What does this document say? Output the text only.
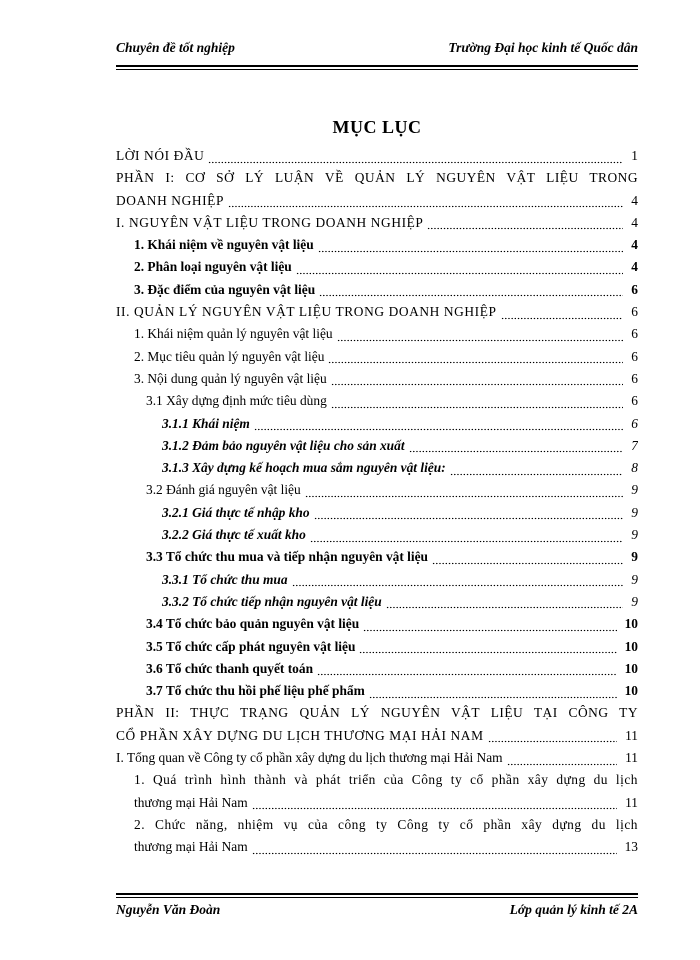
Chuyên đề tốt nghiệp	Trường Đại học kinh tế Quốc dân
MỤC LỤC
LỜI NÓI ĐẦU	1
PHẦN I: CƠ SỞ LÝ LUẬN VỀ QUẢN LÝ NGUYÊN VẬT LIỆU TRONG
DOANH NGHIỆP	4
I. NGUYÊN VẬT LIỆU TRONG DOANH NGHIỆP	4
1. Khái niệm về nguyên vật liệu	4
2. Phân loại nguyên vật liệu	4
3. Đặc điểm của nguyên vật liệu	6
II. QUẢN LÝ NGUYÊN VẬT LIỆU TRONG DOANH NGHIỆP	6
1. Khái niệm quản lý nguyên vật liệu	6
2. Mục tiêu quản lý nguyên vật liệu	6
3. Nội dung quản lý nguyên vật liệu	6
3.1 Xây dựng định mức tiêu dùng	6
3.1.1 Khái niệm	6
3.1.2 Đảm bảo nguyên vật liệu cho sản xuất	7
3.1.3 Xây dựng kế hoạch mua sắm nguyên vật liệu:	8
3.2 Đánh giá nguyên vật liệu	9
3.2.1 Giá thực tế nhập kho	9
3.2.2 Giá thực tế xuất kho	9
3.3 Tổ chức thu mua và tiếp nhận nguyên vật liệu	9
3.3.1 Tổ chức thu mua	9
3.3.2 Tổ chức tiếp nhận nguyên vật liệu	9
3.4 Tổ chức bảo quản nguyên vật liệu	10
3.5 Tổ chức cấp phát nguyên vật liệu	10
3.6 Tổ chức thanh quyết toán	10
3.7 Tổ chức thu hồi phế liệu phế phẩm	10
PHẦN II: THỰC TRẠNG QUẢN LÝ NGUYÊN VẬT LIỆU TẠI CÔNG TY
CỔ PHẦN XÂY DỰNG DU LỊCH THƯƠNG MẠI HẢI NAM	11
I. Tổng quan về Công ty cổ phần xây dựng du lịch thương mại Hải Nam	11
1. Quá trình hình thành và phát triển của Công ty cổ phần xây dựng du lịch
thương mại Hải Nam	11
2. Chức năng, nhiệm vụ của công ty Công ty cổ phần xây dựng du lịch
thương mại Hải Nam	13
Nguyễn Văn Đoàn	Lớp quản lý kinh tế 2A
